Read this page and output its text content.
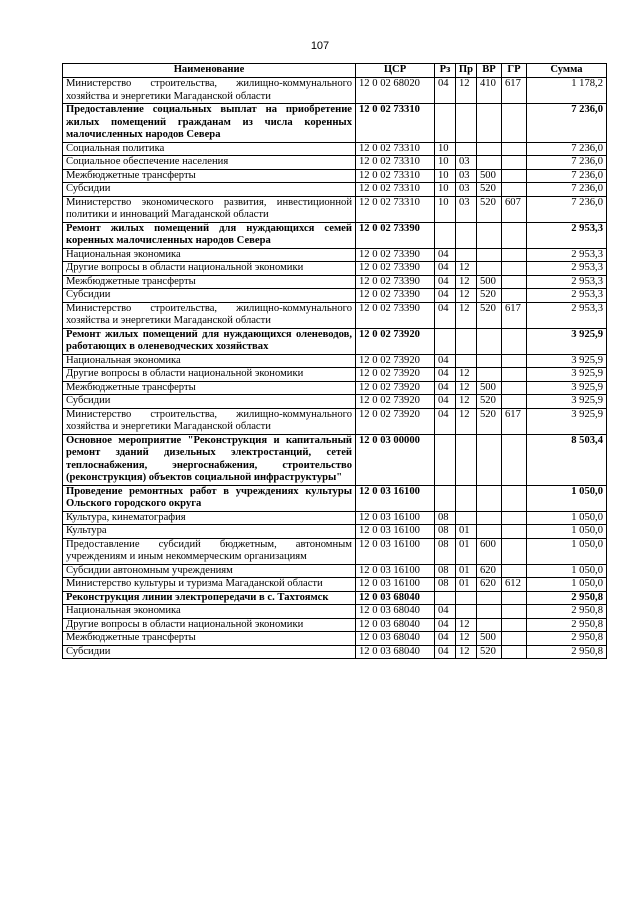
107
Наименование	ЦСР	Рз	Пр	ВР	ГР	Сумма
Министерство строительства, жилищно-коммунального хозяйства и энергетики Магаданской области	12 0 02 68020	04	12	410	617	1 178,2
Предоставление социальных выплат на приобретение жилых помещений гражданам из числа коренных малочисленных народов Севера	12 0 02 73310					7 236,0
Социальная политика	12 0 02 73310	10				7 236,0
Социальное обеспечение населения	12 0 02 73310	10	03			7 236,0
Межбюджетные трансферты	12 0 02 73310	10	03	500		7 236,0
Субсидии	12 0 02 73310	10	03	520		7 236,0
Министерство экономического развития, инвестиционной политики и инноваций Магаданской области	12 0 02 73310	10	03	520	607	7 236,0
Ремонт жилых помещений для нуждающихся семей коренных малочисленных народов Севера	12 0 02 73390					2 953,3
Национальная экономика	12 0 02 73390	04				2 953,3
Другие вопросы в области национальной экономики	12 0 02 73390	04	12			2 953,3
Межбюджетные трансферты	12 0 02 73390	04	12	500		2 953,3
Субсидии	12 0 02 73390	04	12	520		2 953,3
Министерство строительства, жилищно-коммунального хозяйства и энергетики Магаданской области	12 0 02 73390	04	12	520	617	2 953,3
Ремонт жилых помещений для нуждающихся оленеводов, работающих в оленеводческих хозяйствах	12 0 02 73920					3 925,9
Национальная экономика	12 0 02 73920	04				3 925,9
Другие вопросы в области национальной экономики	12 0 02 73920	04	12			3 925,9
Межбюджетные трансферты	12 0 02 73920	04	12	500		3 925,9
Субсидии	12 0 02 73920	04	12	520		3 925,9
Министерство строительства, жилищно-коммунального хозяйства и энергетики Магаданской области	12 0 02 73920	04	12	520	617	3 925,9
Основное мероприятие "Реконструкция и капитальный ремонт зданий дизельных электростанций, сетей теплоснабжения, энергоснабжения, строительство (реконструкция) объектов социальной инфраструктуры"	12 0 03 00000					8 503,4
Проведение ремонтных работ в учреждениях культуры Ольского городского округа	12 0 03 16100					1 050,0
Культура, кинематография	12 0 03 16100	08				1 050,0
Культура	12 0 03 16100	08	01			1 050,0
Предоставление субсидий бюджетным, автономным учреждениям и иным некоммерческим организациям	12 0 03 16100	08	01	600		1 050,0
Субсидии автономным учреждениям	12 0 03 16100	08	01	620		1 050,0
Министерство культуры и туризма Магаданской области	12 0 03 16100	08	01	620	612	1 050,0
Реконструкция линии электропередачи в с. Тахтоямск	12 0 03 68040					2 950,8
Национальная экономика	12 0 03 68040	04				2 950,8
Другие вопросы в области национальной экономики	12 0 03 68040	04	12			2 950,8
Межбюджетные трансферты	12 0 03 68040	04	12	500		2 950,8
Субсидии	12 0 03 68040	04	12	520		2 950,8
